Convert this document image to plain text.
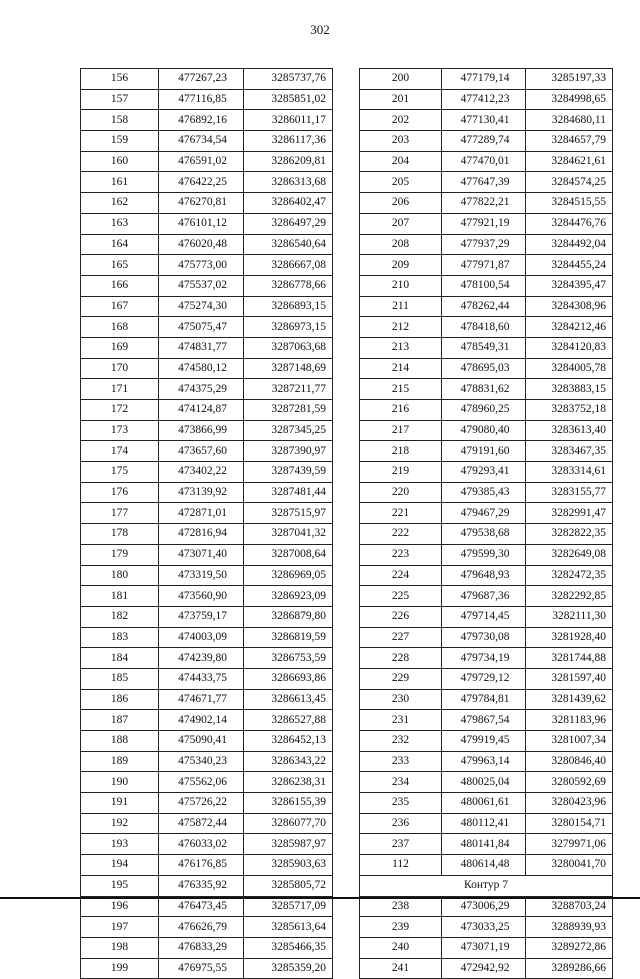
302
156	477267,23	3285737,76
157	477116,85	3285851,02
158	476892,16	3286011,17
159	476734,54	3286117,36
160	476591,02	3286209,81
161	476422,25	3286313,68
162	476270,81	3286402,47
163	476101,12	3286497,29
164	476020,48	3286540,64
165	475773,00	3286667,08
166	475537,02	3286778,66
167	475274,30	3286893,15
168	475075,47	3286973,15
169	474831,77	3287063,68
170	474580,12	3287148,69
171	474375,29	3287211,77
172	474124,87	3287281,59
173	473866,99	3287345,25
174	473657,60	3287390,97
175	473402,22	3287439,59
176	473139,92	3287481,44
177	472871,01	3287515,97
178	472816,94	3287041,32
179	473071,40	3287008,64
180	473319,50	3286969,05
181	473560,90	3286923,09
182	473759,17	3286879,80
183	474003,09	3286819,59
184	474239,80	3286753,59
185	474433,75	3286693,86
186	474671,77	3286613,45
187	474902,14	3286527,88
188	475090,41	3286452,13
189	475340,23	3286343,22
190	475562,06	3286238,31
191	475726,22	3286155,39
192	475872,44	3286077,70
193	476033,02	3285987,97
194	476176,85	3285903,63
195	476335,92	3285805,72
196	476473,45	3285717,09
197	476626,79	3285613,64
198	476833,29	3285466,35
199	476975,55	3285359,20
200	477179,14	3285197,33
201	477412,23	3284998,65
202	477130,41	3284680,11
203	477289,74	3284657,79
204	477470,01	3284621,61
205	477647,39	3284574,25
206	477822,21	3284515,55
207	477921,19	3284476,76
208	477937,29	3284492,04
209	477971,87	3284455,24
210	478100,54	3284395,47
211	478262,44	3284308,96
212	478418,60	3284212,46
213	478549,31	3284120,83
214	478695,03	3284005,78
215	478831,62	3283883,15
216	478960,25	3283752,18
217	479080,40	3283613,40
218	479191,60	3283467,35
219	479293,41	3283314,61
220	479385,43	3283155,77
221	479467,29	3282991,47
222	479538,68	3282822,35
223	479599,30	3282649,08
224	479648,93	3282472,35
225	479687,36	3282292,85
226	479714,45	3282111,30
227	479730,08	3281928,40
228	479734,19	3281744,88
229	479729,12	3281597,40
230	479784,81	3281439,62
231	479867,54	3281183,96
232	479919,45	3281007,34
233	479963,14	3280846,40
234	480025,04	3280592,69
235	480061,61	3280423,96
236	480112,41	3280154,71
237	480141,84	3279971,06
112	480614,48	3280041,70
Контур 7		
238	473006,29	3288703,24
239	473033,25	3288939,93
240	473071,19	3289272,86
241	472942,92	3289286,66
